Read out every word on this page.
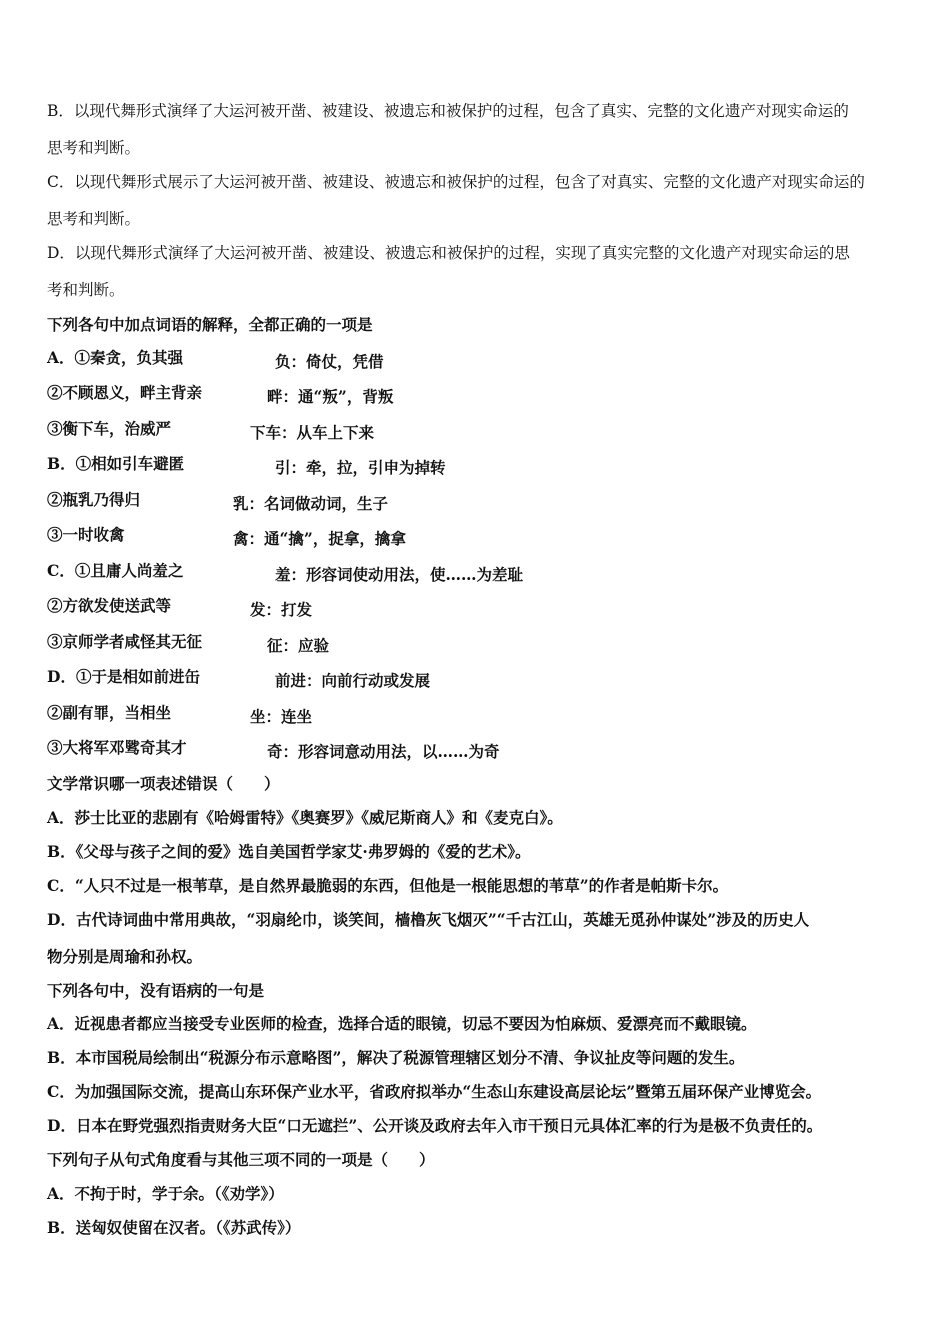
B．以现代舞形式演绎了大运河被开凿、被建设、被遗忘和被保护的过程，包含了真实、完整的文化遗产对现实命运的
思考和判断。
C．以现代舞形式展示了大运河被开凿、被建设、被遗忘和被保护的过程，包含了对真实、完整的文化遗产对现实命运的
思考和判断。
D．以现代舞形式演绎了大运河被开凿、被建设、被遗忘和被保护的过程，实现了真实完整的文化遗产对现实命运的思
考和判断。
下列各句中加点词语的解释，全都正确的一项是
A．①秦贪，负其强	负：倚仗，凭借
②不顾恩义，畔主背亲	畔：通“叛”，背叛
③衡下车，治威严	下车：从车上下来
B．①相如引车避匿	引：牵，拉，引申为掉转
②瓶乳乃得归	乳：名词做动词，生子
③一时收禽	禽：通“擒”，捉拿，擒拿
C．①且庸人尚羞之	羞：形容词使动用法，使……为差耻
②方欲发使送武等	发：打发
③京师学者咸怪其无征	征：应验
D．①于是相如前进缶	前进：向前行动或发展
②副有罪，当相坐	坐：连坐
③大将军邓骘奇其才	奇：形容词意动用法，以……为奇
文学常识哪一项表述错误（　　）
A．莎士比亚的悲剧有《哈姆雷特》《奥赛罗》《威尼斯商人》和《麦克白》。
B．《父母与孩子之间的爱》选自美国哲学家艾·弗罗姆的《爱的艺术》。
C．“人只不过是一根苇草，是自然界最脆弱的东西，但他是一根能思想的苇草”的作者是帕斯卡尔。
D．古代诗词曲中常用典故，“羽扇纶巾，谈笑间，樯橹灰飞烟灭”“千古江山，英雄无觅孙仲谋处”涉及的历史人
物分别是周瑜和孙权。
下列各句中，没有语病的一句是
A．近视患者都应当接受专业医师的检查，选择合适的眼镜，切忌不要因为怕麻烦、爱漂亮而不戴眼镜。
B．本市国税局绘制出“税源分布示意略图”，解决了税源管理辖区划分不清、争议扯皮等问题的发生。
C．为加强国际交流，提高山东环保产业水平，省政府拟举办“生态山东建设高层论坛”暨第五届环保产业博览会。
D．日本在野党强烈指责财务大臣“口无遮拦”、公开谈及政府去年入市干预日元具体汇率的行为是极不负责任的。
下列句子从句式角度看与其他三项不同的一项是（　　）
A．不拘于时，学于余。（《劝学》）
B．送匈奴使留在汉者。（《苏武传》）
